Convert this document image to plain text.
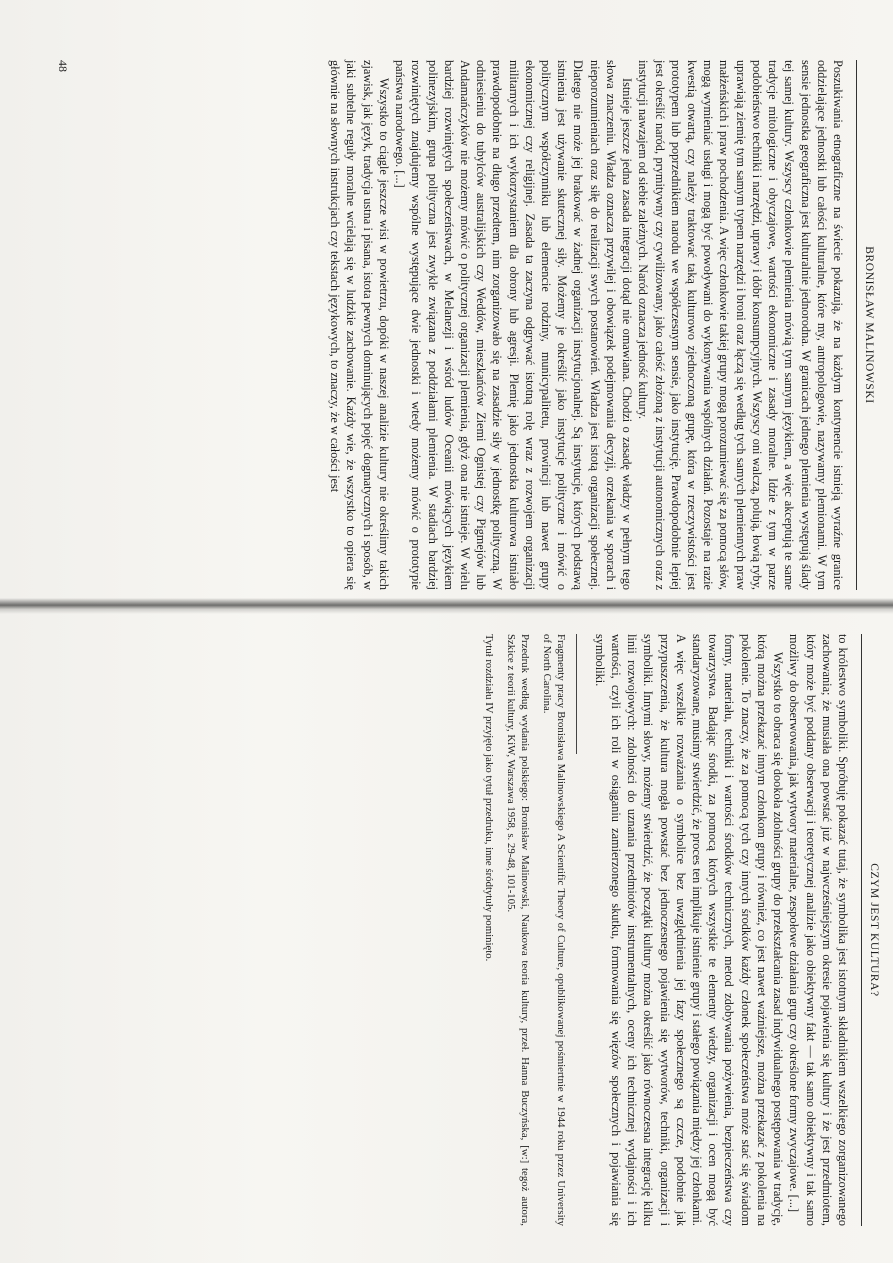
BRONISŁAW MALINOWSKI

Poszukiwania etnograficzne na świecie pokazują, że na każdym kontynencie istnieją wyraźne granice oddzielające jednostki lub całości kulturalne, które my, antropologowie, nazywamy plemionami. W tym sensie jednostka geograficzna jest kulturalnie jednorodna. W granicach jednego plemienia występują ślady tej samej kultury. Wszyscy członkowie plemienia mówią tym samym językiem, a więc akceptują te same tradycje mitologiczne i obyczajowe, wartości ekonomiczne i zasady moralne. Idzie z tym w parze podobieństwo techniki i narzędzi, uprawy i dóbr konsumpcyjnych. Wszyscy oni walczą, polują, łowią ryby, uprawiają ziemię tym samym typem narzędzi i broni oraz łączą się według tych samych plemiennych praw małżeńskich i praw pochodzenia. A więc członkowie takiej grupy mogą porozumiewać się za pomocą słów, mogą wymieniać usługi i mogą być powoływani do wykonywania wspólnych działań. Pozostaje na razie kwestią otwartą, czy należy traktować taką kulturowo zjednoczoną grupę, która w rzeczywistości jest prototypem lub poprzednikiem narodu we współczesnym sensie, jako instytucję. Prawdopodobnie lepiej jest określić naród, prymitywny czy cywilizowany, jako całość złożoną z instytucji autonomicznych oraz z instytucji nawzajem od siebie zależnych. Naród oznacza jedność kultury.

Istnieje jeszcze jedna zasada integracji dotąd nie omawiana. Chodzi o zasadę władzy w pełnym tego słowa znaczeniu. Władza oznacza przywilej i obowiązek podejmowania decyzji, orzekania w sporach i nieporozumieniach oraz siłę do realizacji swych postanowień. Władza jest istotą organizacji społecznej. Dlatego nie może jej brakować w żadnej organizacji instytucjonalnej. Są instytucje, których podstawą istnienia jest używanie skutecznej siły. Możemy je określić jako instytucje polityczne i mówić o politycznym współczynniku lub elemencie rodziny, municypalitetu, prowincji lub nawet grupy ekonomicznej czy religijnej. Zasada ta zaczyna odgrywać istotną rolę wraz z rozwojem organizacji militarnych i ich wykorzystaniem dla obrony lub agresji. Plemię jako jednostka kulturowa istniało prawdopodobnie na długo przedtem, nim zorganizowało się na zasadzie siły w jednostkę polityczną. W odniesieniu do tubylców australijskich czy Weddów, mieszkańców Ziemi Ognistej czy Pigmejów lub Andamańczyków nie możemy mówić o politycznej organizacji plemienia, gdyż ona nie istnieje. W wielu bardziej rozwiniętych społeczeństwach, w Melanezji i wśród ludów Oceanii mówiących językiem polinezyjskim, grupa polityczna jest zwykle związana z poddziałami plemienia. W stadiach bardziej rozwiniętych znajdujemy wspólne występujące dwie jednostki i wtedy możemy mówić o prototypie państwa narodowego. [...]

Wszystko to ciągle jeszcze wisi w powietrzu, dopóki w naszej analizie kultury nie określimy takich zjawisk, jak język, tradycja ustna i pisana, istota pewnych dominujących pojęć dogmatycznych i sposób, w jaki subtelne reguły moralne wcielają się w ludzkie zachowanie. Każdy wie, że wszystko to opiera się głównie na słownych instrukcjach czy tekstach językowych, to znaczy, że w całości jest

48
CZYM JEST KULTURA?

to królestwo symboliki. Spróbuję pokazać tutaj, że symbolika jest istotnym składnikiem wszelkiego zorganizowanego zachowania; że musiała ona powstać już w najwcześniejszym okresie pojawienia się kultury i że jest przedmiotem, który może być poddany obserwacji i teoretycznej analizie jako obiektywny fakt — tak samo obiektywny i tak samo możliwy do obserwowania, jak wytwory materialne, zespołowe działania grup czy określone formy zwyczajowe. [...]

Wszystko to obraca się dookoła zdolności grupy do przekształcania zasad indywidualnego postępowania w tradycję, którą można przekazać innym członkom grupy i również, co jest nawet ważniejsze, można przekazać z pokolenia na pokolenie. To znaczy, że za pomocą tych czy innych środków każdy członek społeczeństwa może stać się świadom formy, materiału, techniki i wartości środków technicznych, metod zdobywania pożywienia, bezpieczeństwa czy towarzystwa. Badając środki, za pomocą których wszystkie te elementy wiedzy, organizacji i ocen mogą być standaryzowane, musimy stwierdzić, że proces ten implikuje istnienie grupy i stałego powiązania między jej członkami. A więc wszelkie rozważania o symbolice bez uwzględnienia jej fazy społecznego są czcze, podobnie jak przypuszczenia, że kultura mogła powstać bez jednoczesnego pojawienia się wytworów, techniki, organizacji i symboliki. Innymi słowy, możemy stwierdzić, że początki kultury można określić jako równoczesna integrację kilku linii rozwojowych: zdolności do uznania przedmiotów instrumentalnych, oceny ich technicznej wydajności i ich wartości, czyli ich roli w osiąganiu zamierzonego skutku, formowania się więzów społecznych i pojawiania się symboliki.

Fragmenty pracy Bronisława Malinowskiego A Scientific Theory of Culture, opublikowanej pośmiertnie w 1944 roku przez University of North Carolina.

Przedruk według wydania polskiego: Bronisław Malinowski, Naukowa teoria kultury, przeł. Hanna Buczyńska, [w:] tegoż autora, Szkice z teorii kultury, KiW, Warszawa 1958, s. 29-48, 101-105.

Tytuł rozdziału IV przyjęto jako tytuł przedruku, inne śródtytuły pominięto.
